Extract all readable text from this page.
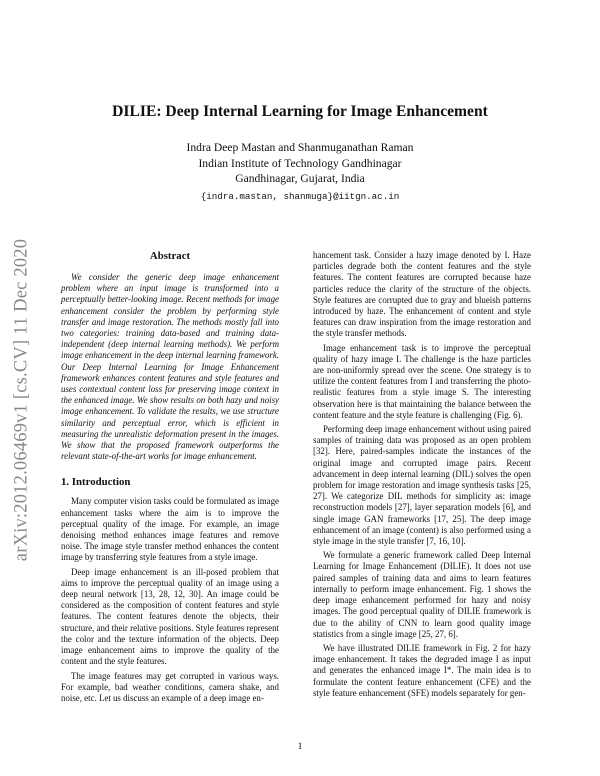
arXiv:2012.06469v1 [cs.CV] 11 Dec 2020
DILIE: Deep Internal Learning for Image Enhancement
Indra Deep Mastan and Shanmuganathan Raman
Indian Institute of Technology Gandhinagar
Gandhinagar, Gujarat, India
{indra.mastan, shanmuga}@iitgn.ac.in
Abstract

We consider the generic deep image enhancement problem where an input image is transformed into a perceptually better-looking image. Recent methods for image enhancement consider the problem by performing style transfer and image restoration. The methods mostly fall into two categories: training data-based and training data-independent (deep internal learning methods). We perform image enhancement in the deep internal learning framework. Our Deep Internal Learning for Image Enhancement framework enhances content features and style features and uses contextual content loss for preserving image context in the enhanced image. We show results on both hazy and noisy image enhancement. To validate the results, we use structure similarity and perceptual error, which is efficient in measuring the unrealistic deformation present in the images. We show that the proposed framework outperforms the relevant state-of-the-art works for image enhancement.

1. Introduction

Many computer vision tasks could be formulated as image enhancement tasks where the aim is to improve the perceptual quality of the image. For example, an image denoising method enhances image features and remove noise. The image style transfer method enhances the content image by transferring style features from a style image.

Deep image enhancement is an ill-posed problem that aims to improve the perceptual quality of an image using a deep neural network [13, 28, 12, 30]. An image could be considered as the composition of content features and style features. The content features denote the objects, their structure, and their relative positions. Style features represent the color and the texture information of the objects. Deep image enhancement aims to improve the quality of the content and the style features.

The image features may get corrupted in various ways. For example, bad weather conditions, camera shake, and noise, etc. Let us discuss an example of a deep image en-

hancement task. Consider a hazy image denoted by I. Haze particles degrade both the content features and the style features. The content features are corrupted because haze particles reduce the clarity of the structure of the objects. Style features are corrupted due to gray and blueish patterns introduced by haze. The enhancement of content and style features can draw inspiration from the image restoration and the style transfer methods.

Image enhancement task is to improve the perceptual quality of hazy image I. The challenge is the haze particles are non-uniformly spread over the scene. One strategy is to utilize the content features from I and transferring the photo-realistic features from a style image S. The interesting observation here is that maintaining the balance between the content feature and the style feature is challenging (Fig. 6).

Performing deep image enhancement without using paired samples of training data was proposed as an open problem [32]. Here, paired-samples indicate the instances of the original image and corrupted image pairs. Recent advancement in deep internal learning (DIL) solves the open problem for image restoration and image synthesis tasks [25, 27]. We categorize DIL methods for simplicity as: image reconstruction models [27], layer separation models [6], and single image GAN frameworks [17, 25]. The deep image enhancement of an image (content) is also performed using a style image in the style transfer [7, 16, 10].

We formulate a generic framework called Deep Internal Learning for Image Enhancement (DILIE). It does not use paired samples of training data and aims to learn features internally to perform image enhancement. Fig. 1 shows the deep image enhancement performed for hazy and noisy images. The good perceptual quality of DILIE framework is due to the ability of CNN to learn good quality image statistics from a single image [25, 27, 6].

We have illustrated DILIE framework in Fig. 2 for hazy image enhancement. It takes the degraded image I as input and generates the enhanced image I*. The main idea is to formulate the content feature enhancement (CFE) and the style feature enhancement (SFE) models separately for gen-

1
